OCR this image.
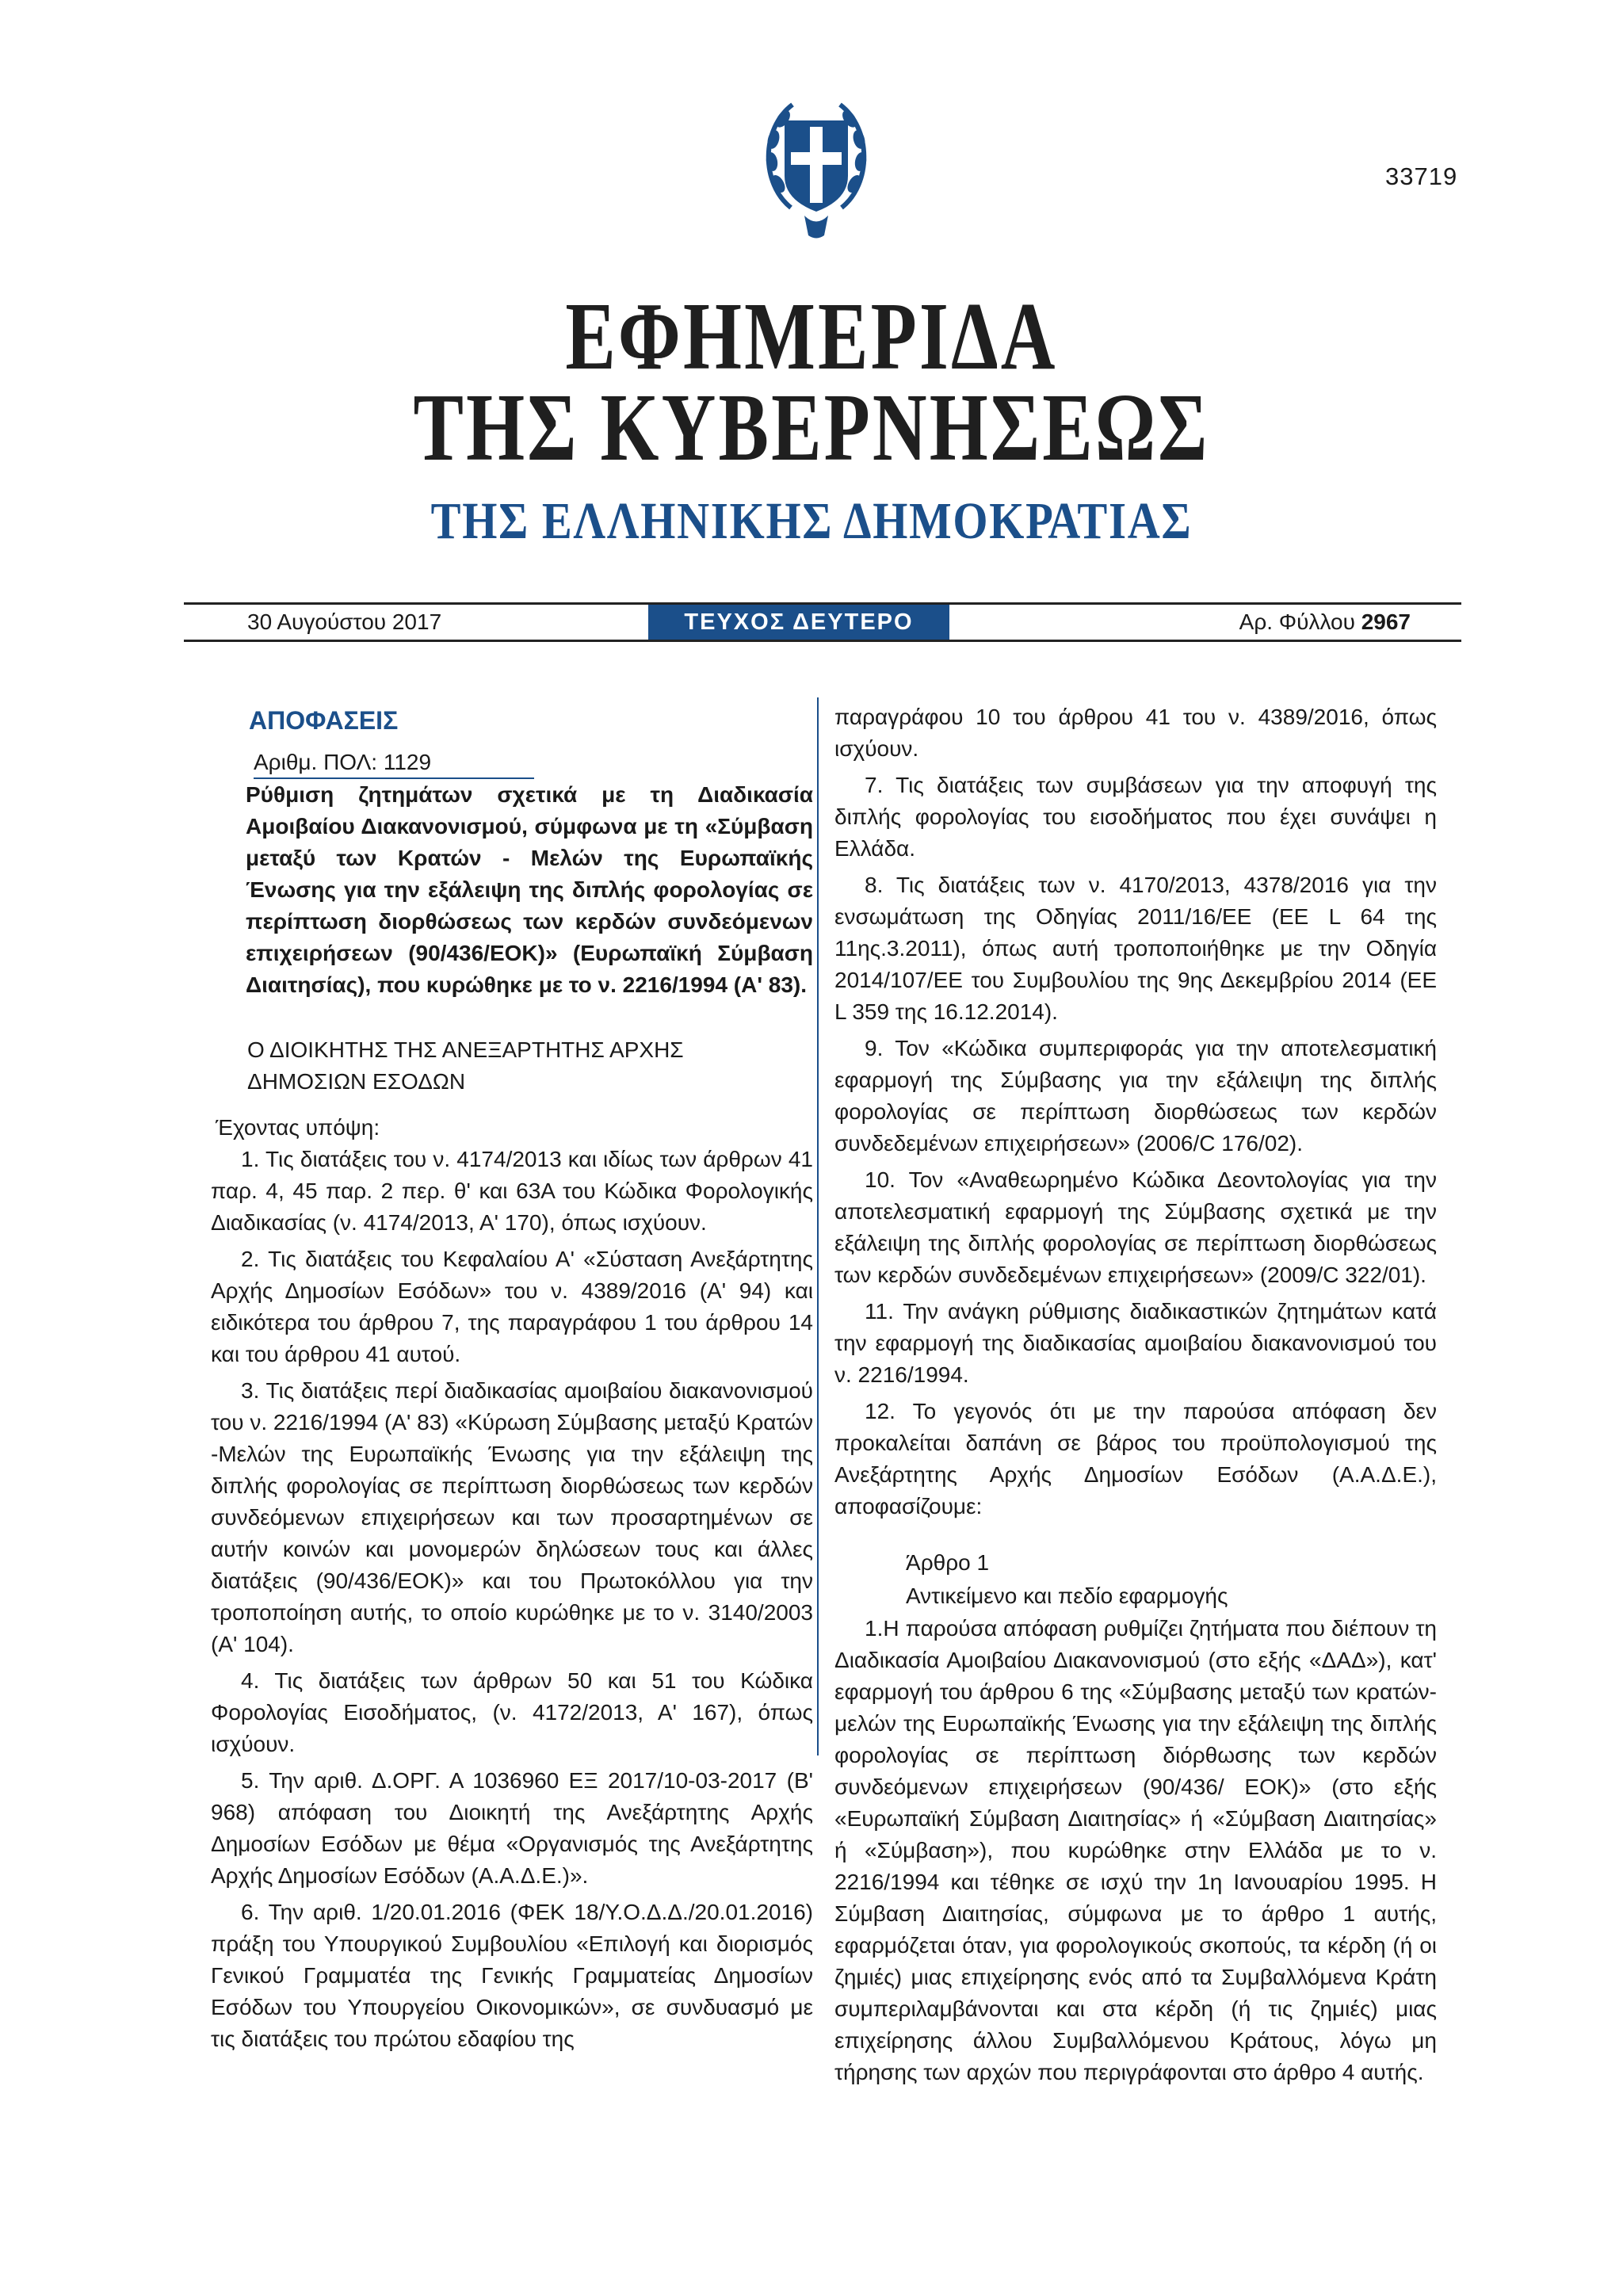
33719
ΕΦΗΜΕΡΙΔΑ
ΤΗΣ ΚΥΒΕΡΝΗΣΕΩΣ
ΤΗΣ ΕΛΛΗΝΙΚΗΣ ΔΗΜΟΚΡΑΤΙΑΣ
30 Αυγούστου 2017	ΤΕΥΧΟΣ ΔΕΥΤΕΡΟ	Αρ. Φύλλου 2967
ΑΠΟΦΑΣΕΙΣ
Αριθμ. ΠΟΛ: 1129
Ρύθμιση ζητημάτων σχετικά με τη Διαδικασία Αμοιβαίου Διακανονισμού, σύμφωνα με τη «Σύμβαση μεταξύ των Κρατών - Μελών της Ευρωπαϊκής Ένωσης για την εξάλειψη της διπλής φορολογίας σε περίπτωση διορθώσεως των κερδών συνδεόμενων επιχειρήσεων (90/436/ΕΟΚ)» (Ευρωπαϊκή Σύμβαση Διαιτησίας), που κυρώθηκε με το ν. 2216/1994 (Α' 83).
Ο ΔΙΟΙΚΗΤΗΣ ΤΗΣ ΑΝΕΞΑΡΤΗΤΗΣ ΑΡΧΗΣ
ΔΗΜΟΣΙΩΝ ΕΣΟΔΩΝ
Έχοντας υπόψη:

1. Τις διατάξεις του ν. 4174/2013 και ιδίως των άρθρων 41 παρ. 4, 45 παρ. 2 περ. θ' και 63Α του Κώδικα Φορολογικής Διαδικασίας (ν. 4174/2013, Α' 170), όπως ισχύουν.

2. Τις διατάξεις του Κεφαλαίου Α' «Σύσταση Ανεξάρτητης Αρχής Δημοσίων Εσόδων» του ν. 4389/2016 (Α' 94) και ειδικότερα του άρθρου 7, της παραγράφου 1 του άρθρου 14 και του άρθρου 41 αυτού.

3. Τις διατάξεις περί διαδικασίας αμοιβαίου διακανονισμού του ν. 2216/1994 (Α' 83) «Κύρωση Σύμβασης μεταξύ Κρατών -Μελών της Ευρωπαϊκής Ένωσης για την εξάλειψη της διπλής φορολογίας σε περίπτωση διορθώσεως των κερδών συνδεόμενων επιχειρήσεων και των προσαρτημένων σε αυτήν κοινών και μονομερών δηλώσεων τους και άλλες διατάξεις (90/436/ΕΟΚ)» και του Πρωτοκόλλου για την τροποποίηση αυτής, το οποίο κυρώθηκε με το ν. 3140/2003 (Α' 104).

4. Τις διατάξεις των άρθρων 50 και 51 του Κώδικα Φορολογίας Εισοδήματος, (ν. 4172/2013, Α' 167), όπως ισχύουν.

5. Την αριθ. Δ.ΟΡΓ. Α 1036960 ΕΞ 2017/10-03-2017 (Β' 968) απόφαση του Διοικητή της Ανεξάρτητης Αρχής Δημοσίων Εσόδων με θέμα «Οργανισμός της Ανεξάρτητης Αρχής Δημοσίων Εσόδων (Α.Α.Δ.Ε.)».

6. Την αριθ. 1/20.01.2016 (ΦΕΚ 18/Υ.Ο.Δ.Δ./20.01.2016) πράξη του Υπουργικού Συμβουλίου «Επιλογή και διορισμός Γενικού Γραμματέα της Γενικής Γραμματείας Δημοσίων Εσόδων του Υπουργείου Οικονομικών», σε συνδυασμό με τις διατάξεις του πρώτου εδαφίου της

παραγράφου 10 του άρθρου 41 του ν. 4389/2016, όπως ισχύουν.

7. Τις διατάξεις των συμβάσεων για την αποφυγή της διπλής φορολογίας του εισοδήματος που έχει συνάψει η Ελλάδα.

8. Τις διατάξεις των ν. 4170/2013, 4378/2016 για την ενσωμάτωση της Οδηγίας 2011/16/ΕΕ (ΕΕ L 64 της 11ης.3.2011), όπως αυτή τροποποιήθηκε με την Οδηγία 2014/107/ΕΕ του Συμβουλίου της 9ης Δεκεμβρίου 2014 (ΕΕ L 359 της 16.12.2014).

9. Τον «Κώδικα συμπεριφοράς για την αποτελεσματική εφαρμογή της Σύμβασης για την εξάλειψη της διπλής φορολογίας σε περίπτωση διορθώσεως των κερδών συνδεδεμένων επιχειρήσεων» (2006/C 176/02).

10. Τον «Αναθεωρημένο Κώδικα Δεοντολογίας για την αποτελεσματική εφαρμογή της Σύμβασης σχετικά με την εξάλειψη της διπλής φορολογίας σε περίπτωση διορθώσεως των κερδών συνδεδεμένων επιχειρήσεων» (2009/C 322/01).

11. Την ανάγκη ρύθμισης διαδικαστικών ζητημάτων κατά την εφαρμογή της διαδικασίας αμοιβαίου διακανονισμού του ν. 2216/1994.

12. Το γεγονός ότι με την παρούσα απόφαση δεν προκαλείται δαπάνη σε βάρος του προϋπολογισμού της Ανεξάρτητης Αρχής Δημοσίων Εσόδων (Α.Α.Δ.Ε.), αποφασίζουμε:

Άρθρο 1
Αντικείμενο και πεδίο εφαρμογής

1.Η παρούσα απόφαση ρυθμίζει ζητήματα που διέπουν τη Διαδικασία Αμοιβαίου Διακανονισμού (στο εξής «ΔΑΔ»), κατ' εφαρμογή του άρθρου 6 της «Σύμβασης μεταξύ των κρατών-μελών της Ευρωπαϊκής Ένωσης για την εξάλειψη της διπλής φορολογίας σε περίπτωση διόρθωσης των κερδών συνδεόμενων επιχειρήσεων (90/436/ ΕΟΚ)» (στο εξής «Ευρωπαϊκή Σύμβαση Διαιτησίας» ή «Σύμβαση Διαιτησίας» ή «Σύμβαση»), που κυρώθηκε στην Ελλάδα με το ν. 2216/1994 και τέθηκε σε ισχύ την 1η Ιανουαρίου 1995. Η Σύμβαση Διαιτησίας, σύμφωνα με το άρθρο 1 αυτής, εφαρμόζεται όταν, για φορολογικούς σκοπούς, τα κέρδη (ή οι ζημιές) μιας επιχείρησης ενός από τα Συμβαλλόμενα Κράτη συμπεριλαμβάνονται και στα κέρδη (ή τις ζημιές) μιας επιχείρησης άλλου Συμβαλλόμενου Κράτους, λόγω μη τήρησης των αρχών που περιγράφονται στο άρθρο 4 αυτής.
